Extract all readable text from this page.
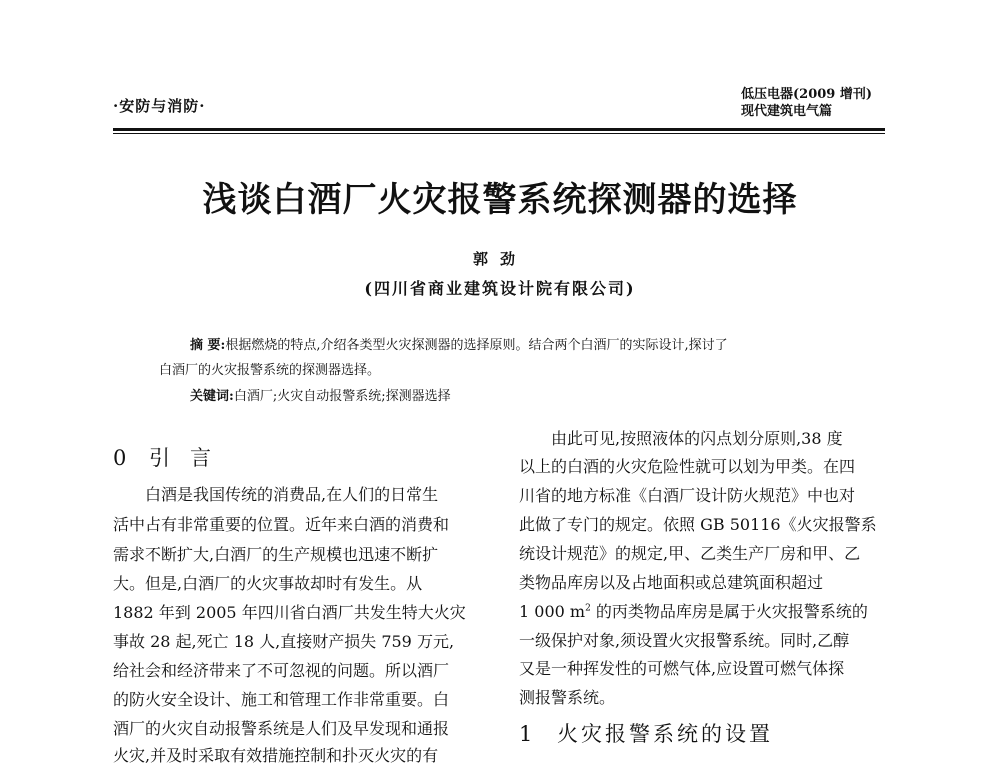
·安防与消防·
低压电器(2009 增刊)
现代建筑电气篇
浅谈白酒厂火灾报警系统探测器的选择
郭劲
(四川省商业建筑设计院有限公司)
摘 要:根据燃烧的特点,介绍各类型火灾探测器的选择原则。结合两个白酒厂的实际设计,探讨了
白酒厂的火灾报警系统的探测器选择。
关键词:白酒厂;火灾自动报警系统;探测器选择
0 引言
白酒是我国传统的消费品,在人们的日常生
活中占有非常重要的位置。近年来白酒的消费和
需求不断扩大,白酒厂的生产规模也迅速不断扩
大。但是,白酒厂的火灾事故却时有发生。从
1882 年到 2005 年四川省白酒厂共发生特大火灾
事故 28 起,死亡 18 人,直接财产损失 759 万元,
给社会和经济带来了不可忽视的问题。所以酒厂
的防火安全设计、施工和管理工作非常重要。白
酒厂的火灾自动报警系统是人们及早发现和通报
火灾,并及时采取有效措施控制和扑灭火灾的有
由此可见,按照液体的闪点划分原则,38 度
以上的白酒的火灾危险性就可以划为甲类。在四
川省的地方标准《白酒厂设计防火规范》中也对
此做了专门的规定。依照 GB 50116《火灾报警系
统设计规范》的规定,甲、乙类生产厂房和甲、乙
类物品库房以及占地面积或总建筑面积超过
1 000 $m^2$ 的丙类物品库房是属于火灾报警系统的
一级保护对象,须设置火灾报警系统。同时,乙醇
又是一种挥发性的可燃气体,应设置可燃气体探
测报警系统。
1 火灾报警系统的设置
